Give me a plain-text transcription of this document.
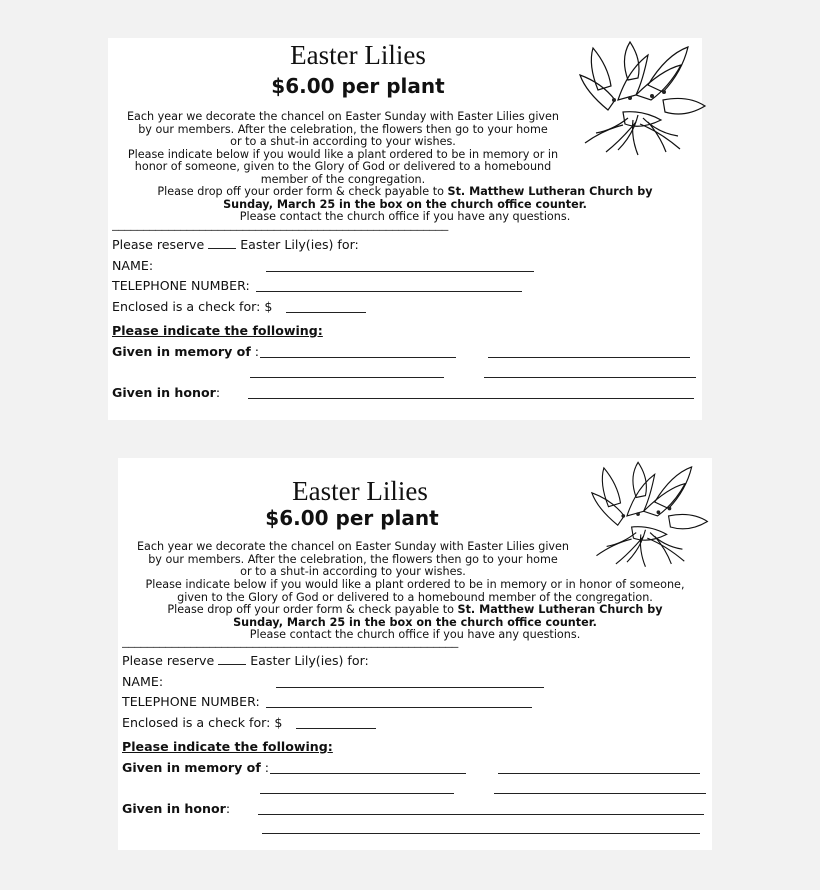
Easter Lilies
$6.00 per plant
Each year we decorate the chancel on Easter Sunday with Easter Lilies given
by our members. After the celebration, the flowers then go to your home
or to a shut-in according to your wishes.
Please indicate below if you would like a plant ordered to be in memory or in
honor of someone, given to the Glory of God or delivered to a homebound
member of the congregation.
Please drop off your order form & check payable to St. Matthew Lutheran Church by
Sunday, March 25 in the box on the church office counter.
Please contact the church office if you have any questions.
——————————————————————————————————————————————————————
Please reserve  Easter Lily(ies) for:
NAME:
TELEPHONE NUMBER:
Enclosed is a check for: $
Please indicate the following:
Given in memory of :
Given in honor:
Easter Lilies
$6.00 per plant
Each year we decorate the chancel on Easter Sunday with Easter Lilies given
by our members. After the celebration, the flowers then go to your home
or to a shut-in according to your wishes.
Please indicate below if you would like a plant ordered to be in memory or in honor of someone,
given to the Glory of God or delivered to a homebound member of the congregation.
Please drop off your order form & check payable to St. Matthew Lutheran Church by
Sunday, March 25 in the box on the church office counter.
Please contact the church office if you have any questions.
——————————————————————————————————————————————————————
Please reserve  Easter Lily(ies) for:
NAME:
TELEPHONE NUMBER:
Enclosed is a check for: $
Please indicate the following:
Given in memory of :
Given in honor:
